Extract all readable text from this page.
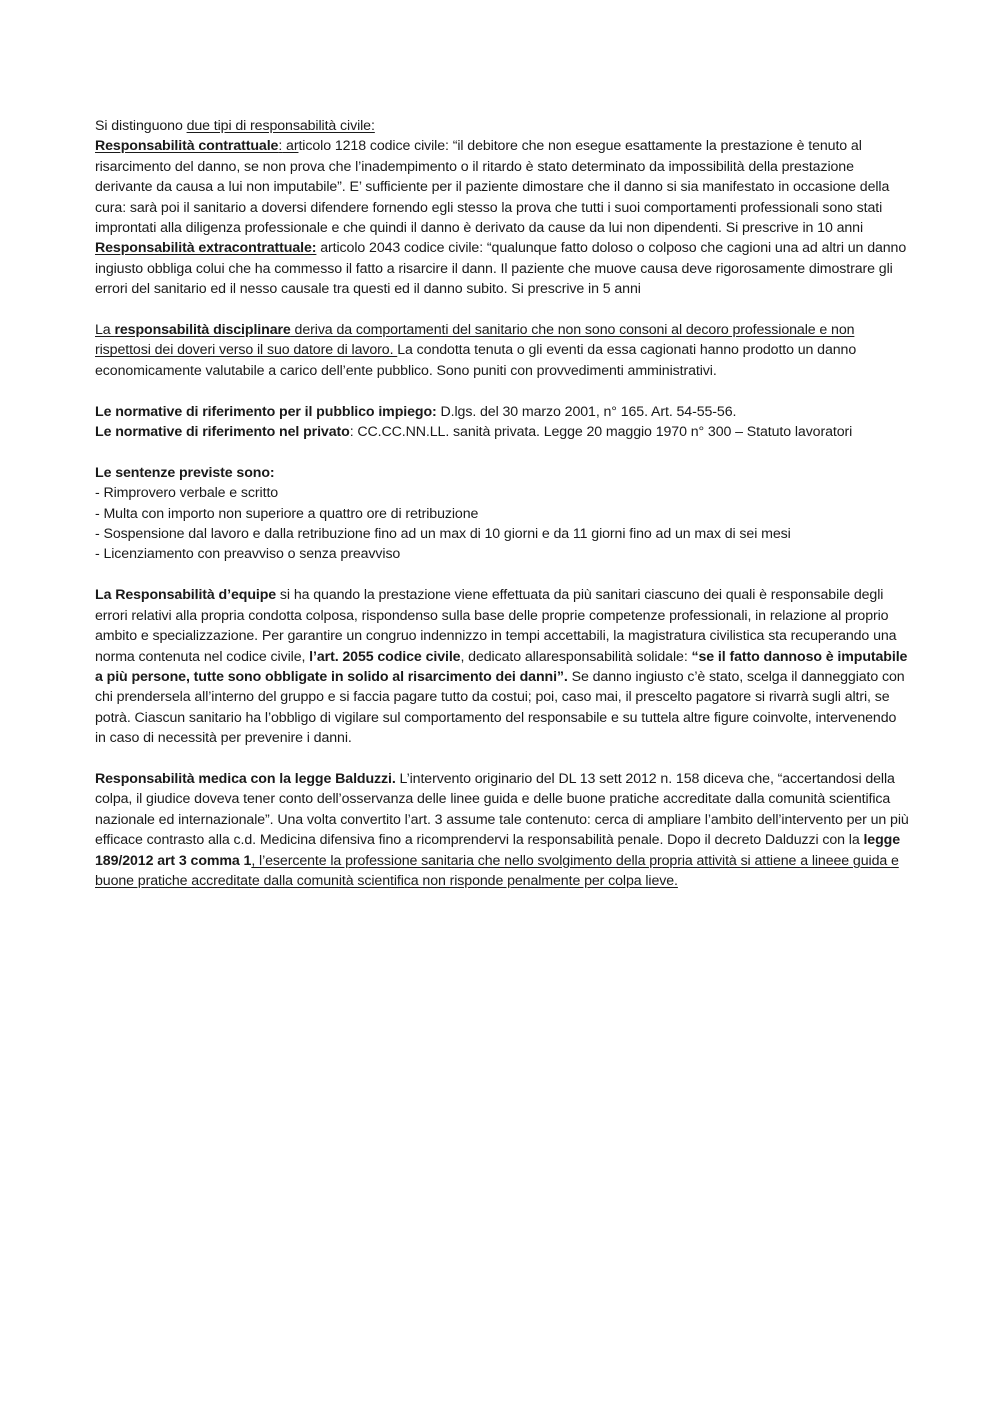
Si distinguono due tipi di responsabilità civile:

Responsabilità contrattuale: articolo 1218 codice civile: “il debitore che non esegue esattamente la prestazione è tenuto al risarcimento del danno, se non prova che l’inadempimento o il ritardo è stato determinato da impossibilità della prestazione derivante da causa a lui non imputabile”. E’ sufficiente per il paziente dimostare che il danno si sia manifestato in occasione della cura: sarà poi il sanitario a doversi difendere fornendo egli stesso la prova che tutti i suoi comportamenti professionali sono stati improntati alla diligenza professionale e che quindi il danno è derivato da cause da lui non dipendenti. Si prescrive in 10 anni

Responsabilità extracontrattuale: articolo 2043 codice civile: “qualunque fatto doloso o colposo che cagioni una ad altri un danno ingiusto obbliga colui che ha commesso il fatto a risarcire il dann. Il paziente che muove causa deve rigorosamente dimostrare gli errori del sanitario ed il nesso causale tra questi ed il danno subito. Si prescrive in 5 anni

La responsabilità disciplinare deriva da comportamenti del sanitario che non sono consoni al decoro professionale e non rispettosi dei doveri verso il suo datore di lavoro. La condotta tenuta o gli eventi da essa cagionati hanno prodotto un danno economicamente valutabile a carico dell’ente pubblico. Sono puniti con provvedimenti amministrativi.

Le normative di riferimento per il pubblico impiego: D.lgs. del 30 marzo 2001, n° 165. Art. 54-55-56.

Le normative di riferimento nel privato: CC.CC.NN.LL. sanità privata. Legge 20 maggio 1970 n° 300 – Statuto lavoratori

Le sentenze previste sono:

- Rimprovero verbale e scritto

- Multa con importo non superiore a quattro ore di retribuzione

- Sospensione dal lavoro e dalla retribuzione fino ad un max di 10 giorni e da 11 giorni fino ad un max di sei mesi

- Licenziamento con preavviso o senza preavviso

La Responsabilità d’equipe si ha quando la prestazione viene effettuata da più sanitari ciascuno dei quali è responsabile degli errori relativi alla propria condotta colposa, rispondenso sulla base delle proprie competenze professionali, in relazione al proprio ambito e specializzazione. Per garantire un congruo indennizzo in tempi accettabili, la magistratura civilistica sta recuperando una norma contenuta nel codice civile, l’art. 2055 codice civile, dedicato allaresponsabilità solidale: “se il fatto dannoso è imputabile a più persone, tutte sono obbligate in solido al risarcimento dei danni”. Se danno ingiusto c’è stato, scelga il danneggiato con chi prendersela all’interno del gruppo e si faccia pagare tutto da costui; poi, caso mai, il prescelto pagatore si rivarrà sugli altri, se potrà. Ciascun sanitario ha l’obbligo di vigilare sul comportamento del responsabile e su tuttela altre figure coinvolte, intervenendo in caso di necessità per prevenire i danni.

Responsabilità medica con la legge Balduzzi. L’intervento originario del DL 13 sett 2012 n. 158 diceva che, “accertandosi della colpa, il giudice doveva tener conto dell’osservanza delle linee guida e delle buone pratiche accreditate dalla comunità scientifica nazionale ed internazionale”. Una volta convertito l’art. 3 assume tale contenuto: cerca di ampliare l’ambito dell’intervento per un più efficace contrasto alla c.d. Medicina difensiva fino a ricomprendervi la responsabilità penale. Dopo il decreto Dalduzzi con la legge 189/2012 art 3 comma 1, l’esercente la professione sanitaria che nello svolgimento della propria attività si attiene a lineee guida e buone pratiche accreditate dalla comunità scientifica non risponde penalmente per colpa lieve.
